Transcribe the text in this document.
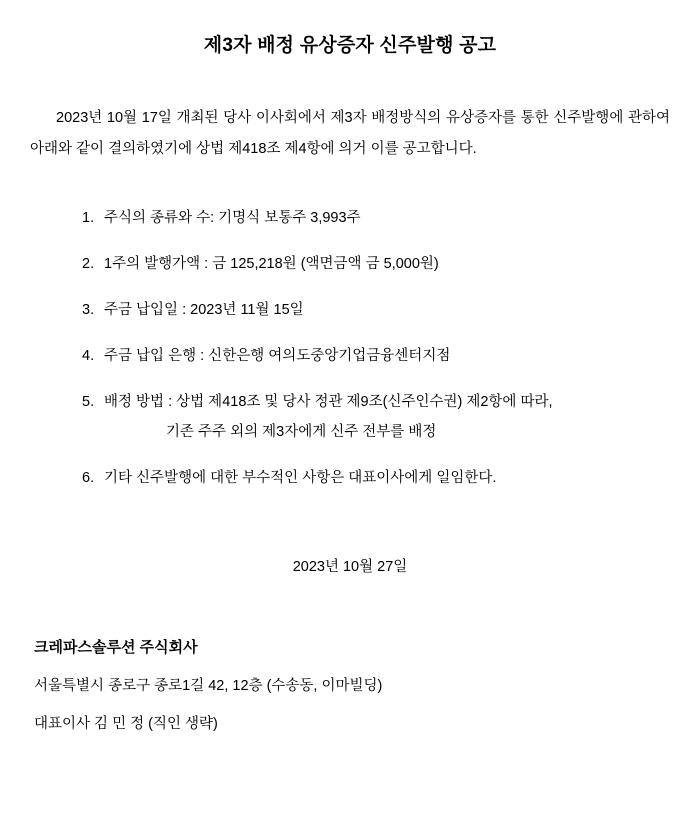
제3자 배정 유상증자 신주발행 공고

2023년 10월 17일 개최된 당사 이사회에서 제3자 배정방식의 유상증자를 통한 신주발행에 관하여 아래와 같이 결의하였기에 상법 제418조 제4항에 의거 이를 공고합니다.

1. 주식의 종류와 수: 기명식 보통주 3,993주
2. 1주의 발행가액 : 금 125,218원 (액면금액 금 5,000원)
3. 주금 납입일 : 2023년 11월 15일
4. 주금 납입 은행 : 신한은행 여의도중앙기업금융센터지점
5. 배정 방법 : 상법 제418조 및 당사 정관 제9조(신주인수권) 제2항에 따라,
기존 주주 외의 제3자에게 신주 전부를 배정
6. 기타 신주발행에 대한 부수적인 사항은 대표이사에게 일임한다.
2023년 10월 27일
크레파스솔루션 주식회사
서울특별시 종로구 종로1길 42, 12층 (수송동, 이마빌딩)
대표이사 김 민 정 (직인 생략)
